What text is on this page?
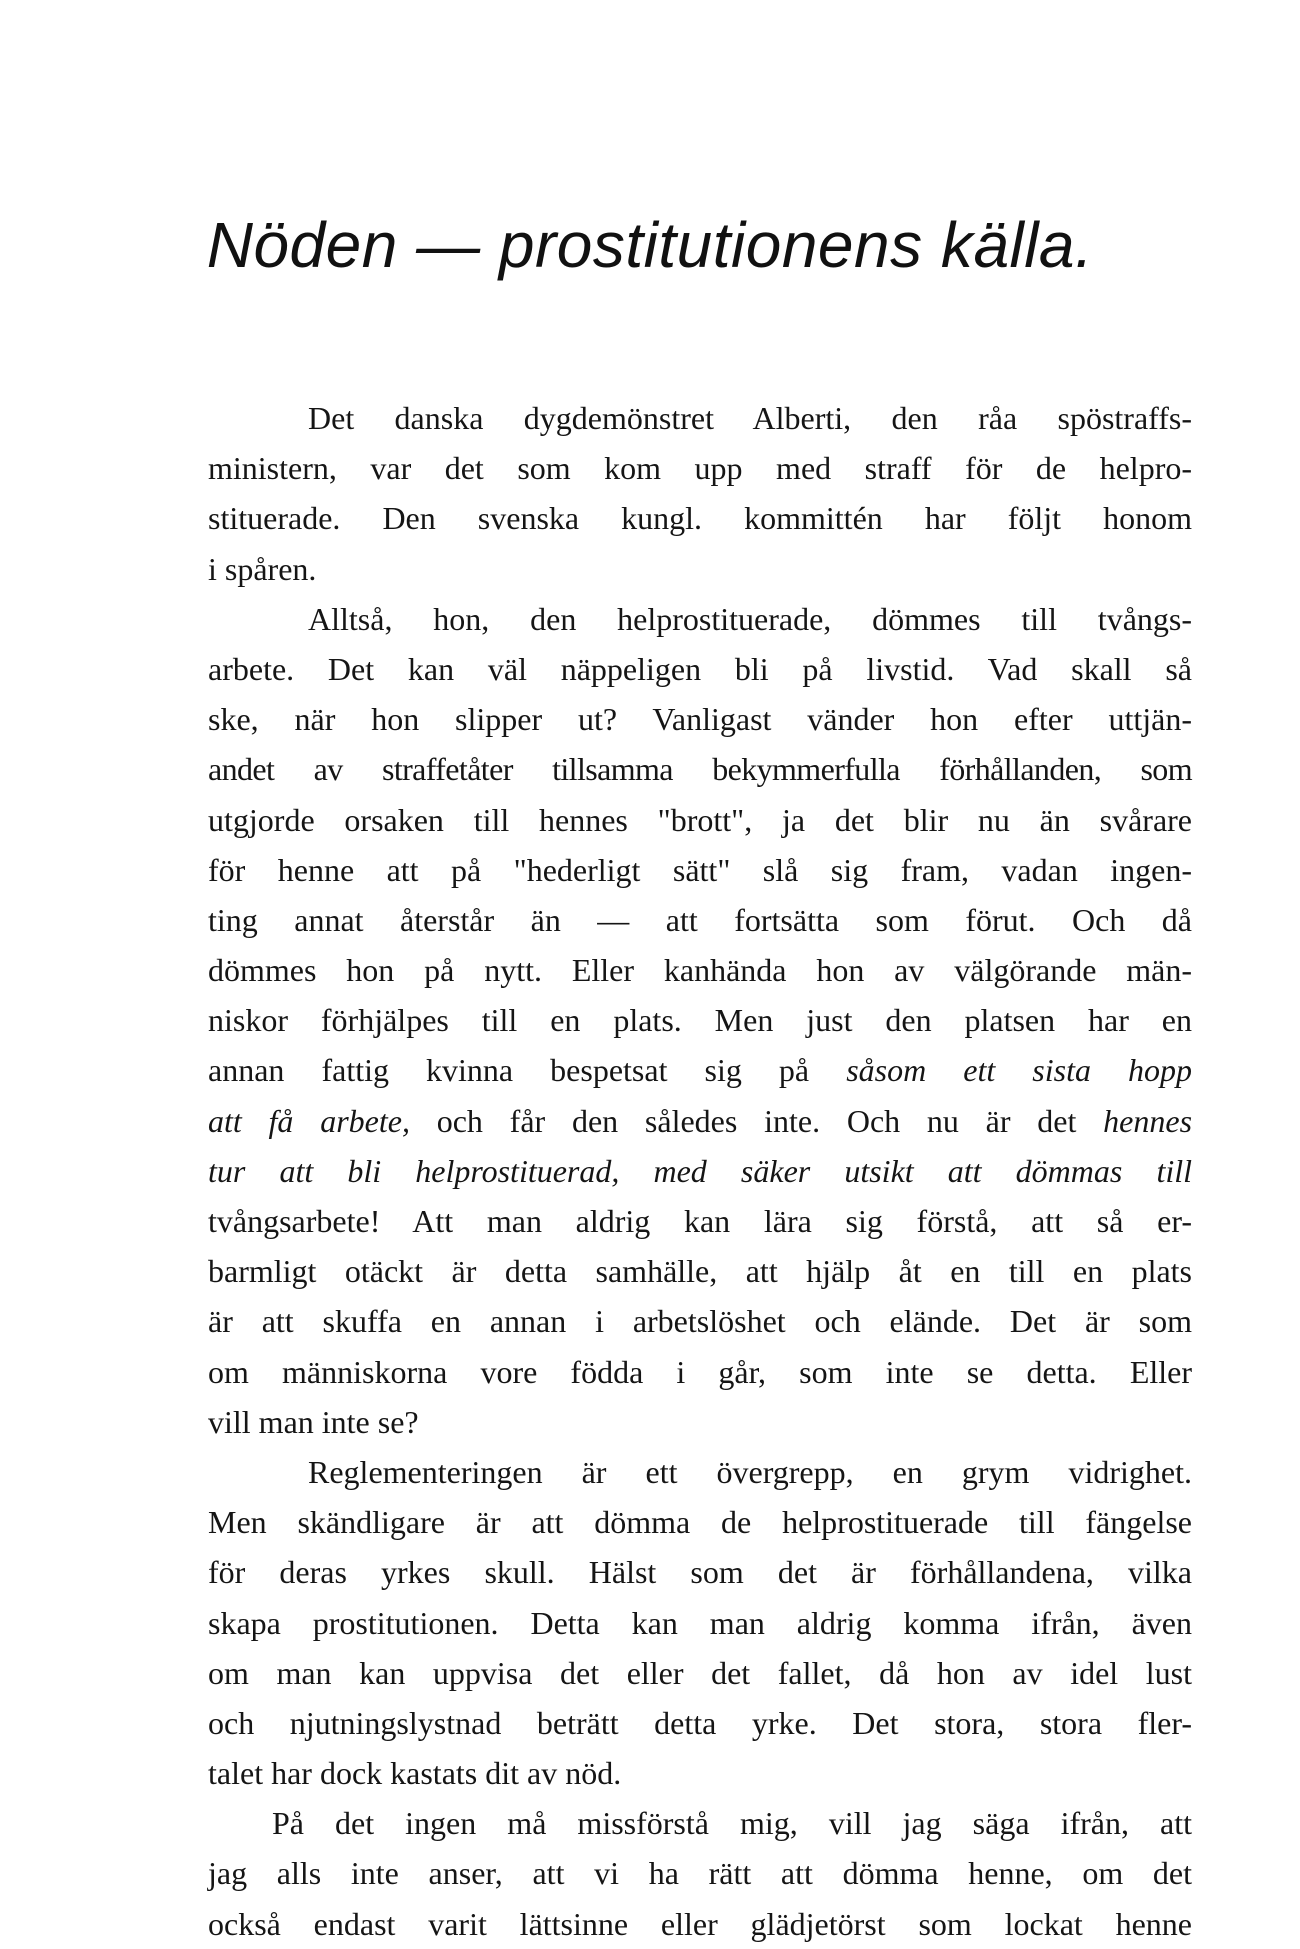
Nöden — prostitutionens källa.
Det danska dygdemönstret Alberti, den råa spöstraffs-
ministern, var det som kom upp med straff för de helpro-
stituerade. Den svenska kungl. kommittén har följt honom
i spåren.
Alltså, hon, den helprostituerade, dömmes till tvångs-
arbete. Det kan väl näppeligen bli på livstid. Vad skall så
ske, när hon slipper ut? Vanligast vänder hon efter uttjän-
andet av straffetåter tillsamma bekymmerfulla förhållanden, som
utgjorde orsaken till hennes "brott", ja det blir nu än svårare
för henne att på "hederligt sätt" slå sig fram, vadan ingen-
ting annat återstår än — att fortsätta som förut. Och då
dömmes hon på nytt. Eller kanhända hon av välgörande män-
niskor förhjälpes till en plats. Men just den platsen har en
annan fattig kvinna bespetsat sig på såsom ett sista hopp
att få arbete, och får den således inte. Och nu är det hennes
tur att bli helprostituerad, med säker utsikt att dömmas till
tvångsarbete! Att man aldrig kan lära sig förstå, att så er-
barmligt otäckt är detta samhälle, att hjälp åt en till en plats
är att skuffa en annan i arbetslöshet och elände. Det är som
om människorna vore födda i går, som inte se detta. Eller
vill man inte se?
Reglementeringen är ett övergrepp, en grym vidrighet.
Men skändligare är att dömma de helprostituerade till fängelse
för deras yrkes skull. Hälst som det är förhållandena, vilka
skapa prostitutionen. Detta kan man aldrig komma ifrån, även
om man kan uppvisa det eller det fallet, då hon av idel lust
och njutningslystnad beträtt detta yrke. Det stora, stora fler-
talet har dock kastats dit av nöd.
På det ingen må missförstå mig, vill jag säga ifrån, att
jag alls inte anser, att vi ha rätt att dömma henne, om det
också endast varit lättsinne eller glädjetörst som lockat henne
